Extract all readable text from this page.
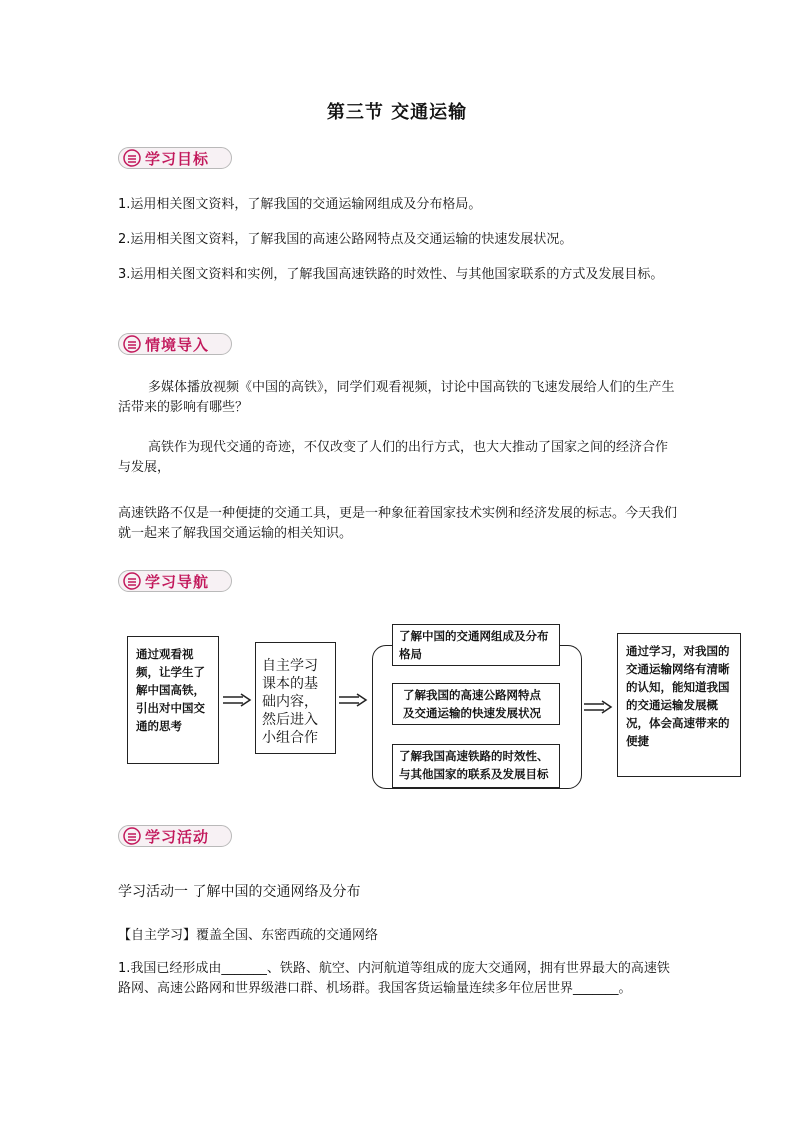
第三节 交通运输
学习目标
1.运用相关图文资料，了解我国的交通运输网组成及分布格局。
2.运用相关图文资料，了解我国的高速公路网特点及交通运输的快速发展状况。
3.运用相关图文资料和实例，了解我国高速铁路的时效性、与其他国家联系的方式及发展目标。
情境导入
多媒体播放视频《中国的高铁》，同学们观看视频，讨论中国高铁的飞速发展给人们的生产生活带来的影响有哪些？
高铁作为现代交通的奇迹，不仅改变了人们的出行方式，也大大推动了国家之间的经济合作与发展，
高速铁路不仅是一种便捷的交通工具，更是一种象征着国家技术实例和经济发展的标志。今天我们就一起来了解我国交通运输的相关知识。
学习导航
通过观看视频，让学生了解中国高铁，引出对中国交通的思考
自主学习课本的基础内容，然后进入小组合作
了解中国的交通网组成及分布格局
了解我国的高速公路网特点及交通运输的快速发展状况
了解我国高速铁路的时效性、与其他国家的联系及发展目标
通过学习，对我国的交通运输网络有清晰的认知，能知道我国的交通运输发展概况，体会高速带来的便捷
学习活动
学习活动一 了解中国的交通网络及分布
【自主学习】覆盖全国、东密西疏的交通网络
1.我国已经形成由_______、铁路、航空、内河航道等组成的庞大交通网，拥有世界最大的高速铁路网、高速公路网和世界级港口群、机场群。我国客货运输量连续多年位居世界_______。
